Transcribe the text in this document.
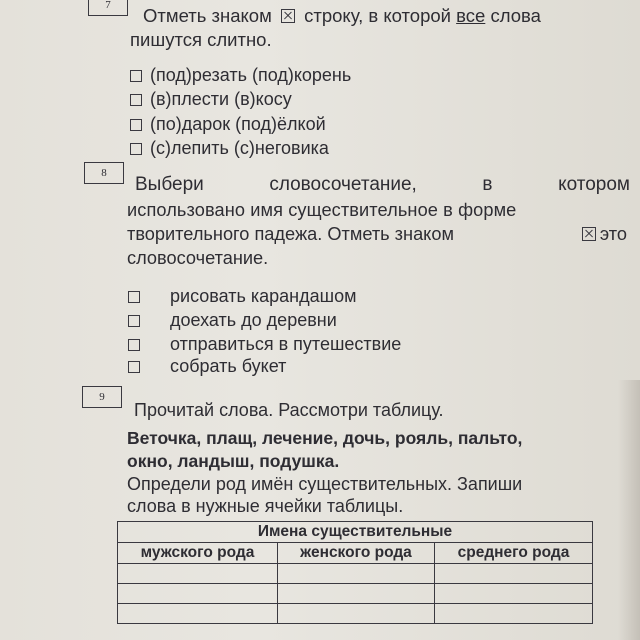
7 Отметь знаком  строку, в которой все слова
пишутся слитно.
(под)резать (под)корень
(в)плести (в)косу
(по)дарок (под)ёлкой
(с)лепить (с)неговика
8
Выбери	словосочетание,	в	котором
использовано имя существительное в форме
творительного падежа. Отметь знаком	это
словосочетание.
рисовать карандашом
доехать до деревни
отправиться в путешествие
собрать букет
9
Прочитай слова. Рассмотри таблицу.
Веточка, плащ, лечение, дочь, рояль, пальто,
окно, ландыш, подушка.
Определи род имён существительных. Запиши
слова в нужные ячейки таблицы.
Имена существительные		
мужского рода	женского рода	среднего рода
